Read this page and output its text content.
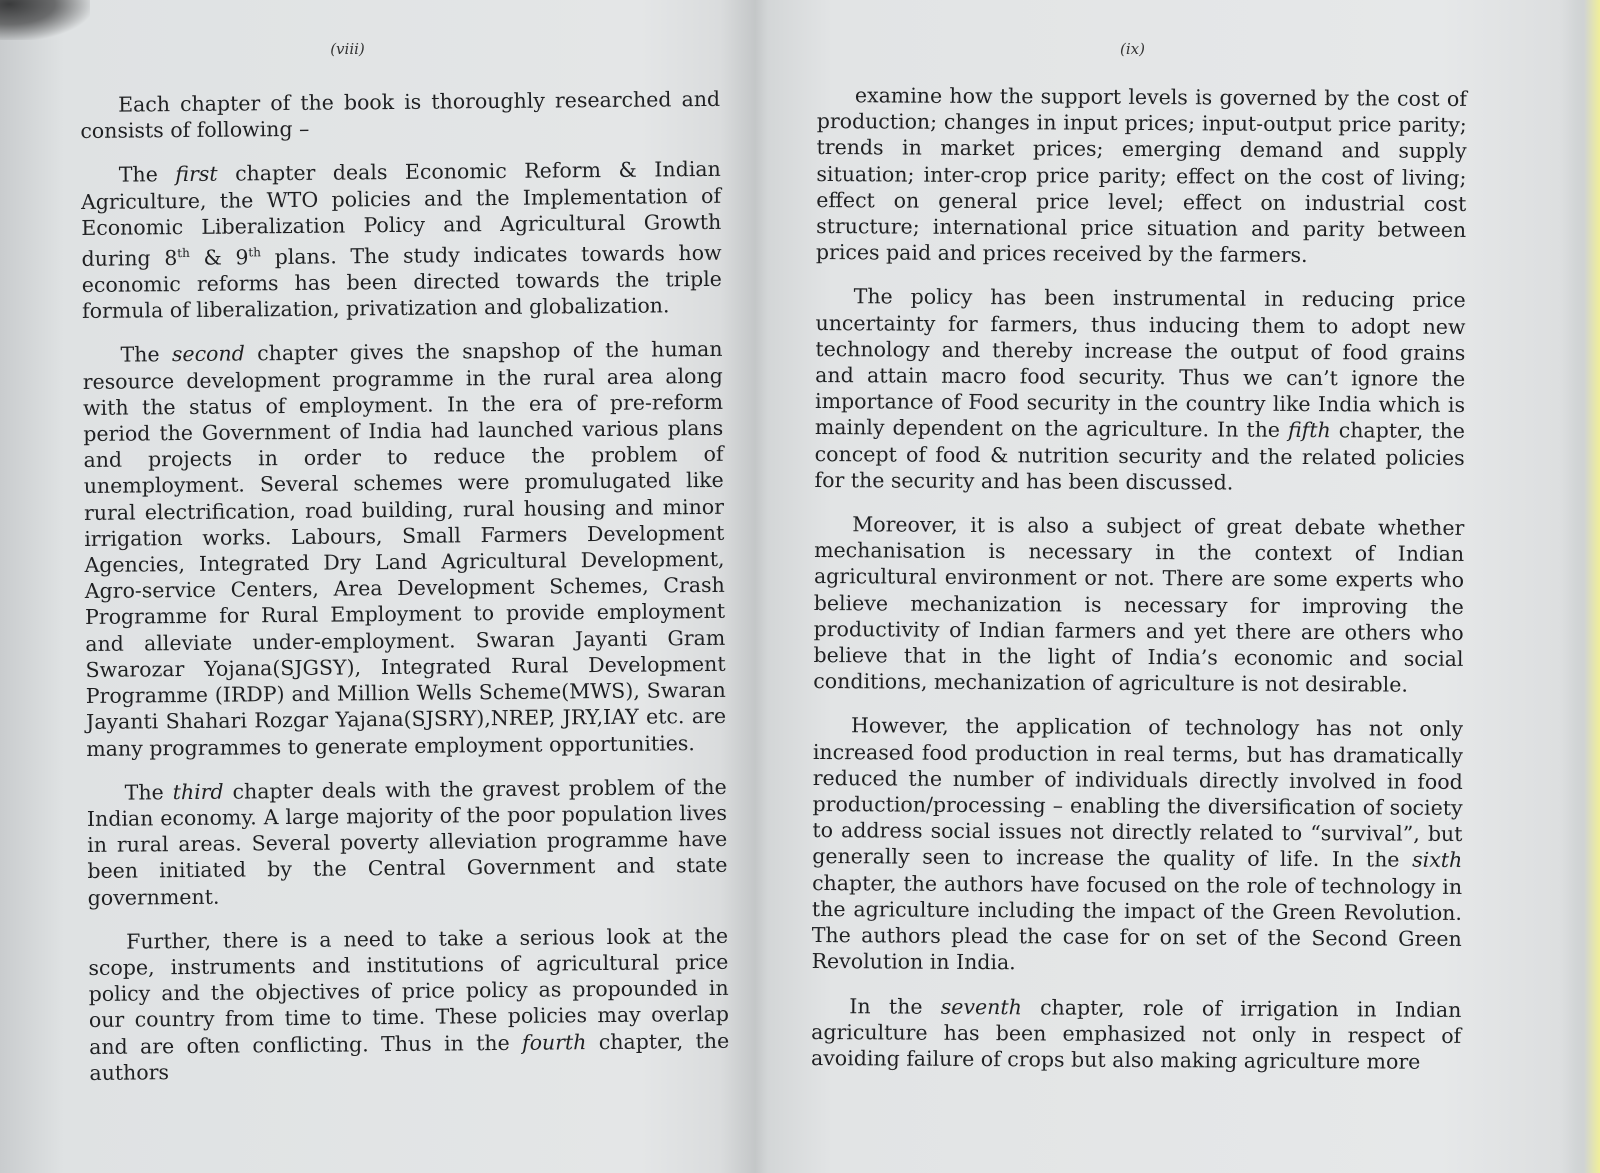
(viii)

Each chapter of the book is thoroughly researched and consists of following –

The first chapter deals Economic Reform & Indian Agriculture, the WTO policies and the Implementation of Economic Liberalization Policy and Agricultural Growth during 8th & 9th plans. The study indicates towards how economic reforms has been directed towards the triple formula of liberalization, privatization and globalization.

The second chapter gives the snapshop of the human resource development programme in the rural area along with the status of employment. In the era of pre-reform period the Government of India had launched various plans and projects in order to reduce the problem of unemployment. Several schemes were promulugated like rural electrification, road building, rural housing and minor irrigation works. Labours, Small Farmers Development Agencies, Integrated Dry Land Agricultural Development, Agro-service Centers, Area Development Schemes, Crash Programme for Rural Employment to provide employment and alleviate under-employment. Swaran Jayanti Gram Swarozar Yojana(SJGSY), Integrated Rural Development Programme (IRDP) and Million Wells Scheme(MWS), Swaran Jayanti Shahari Rozgar Yajana(SJSRY),NREP, JRY,IAY etc. are many programmes to generate employment opportunities.

The third chapter deals with the gravest problem of the Indian economy. A large majority of the poor population lives in rural areas. Several poverty alleviation programme have been initiated by the Central Government and state government.

Further, there is a need to take a serious look at the scope, instruments and institutions of agricultural price policy and the objectives of price policy as propounded in our country from time to time. These policies may overlap and are often conflicting. Thus in the fourth chapter, the authors

(ix)

examine how the support levels is governed by the cost of production; changes in input prices; input-output price parity; trends in market prices; emerging demand and supply situation; inter-crop price parity; effect on the cost of living; effect on general price level; effect on industrial cost structure; international price situation and parity between prices paid and prices received by the farmers.

The policy has been instrumental in reducing price uncertainty for farmers, thus inducing them to adopt new technology and thereby increase the output of food grains and attain macro food security. Thus we can’t ignore the importance of Food security in the country like India which is mainly dependent on the agriculture. In the fifth chapter, the concept of food & nutrition security and the related policies for the security and has been discussed.

Moreover, it is also a subject of great debate whether mechanisation is necessary in the context of Indian agricultural environment or not. There are some experts who believe mechanization is necessary for improving the productivity of Indian farmers and yet there are others who believe that in the light of India’s economic and social conditions, mechanization of agriculture is not desirable.

However, the application of technology has not only increased food production in real terms, but has dramatically reduced the number of individuals directly involved in food production/processing – enabling the diversification of society to address social issues not directly related to “survival”, but generally seen to increase the quality of life. In the sixth chapter, the authors have focused on the role of technology in the agriculture including the impact of the Green Revolution. The authors plead the case for on set of the Second Green Revolution in India.

In the seventh chapter, role of irrigation in Indian agriculture has been emphasized not only in respect of avoiding failure of crops but also making agriculture more
